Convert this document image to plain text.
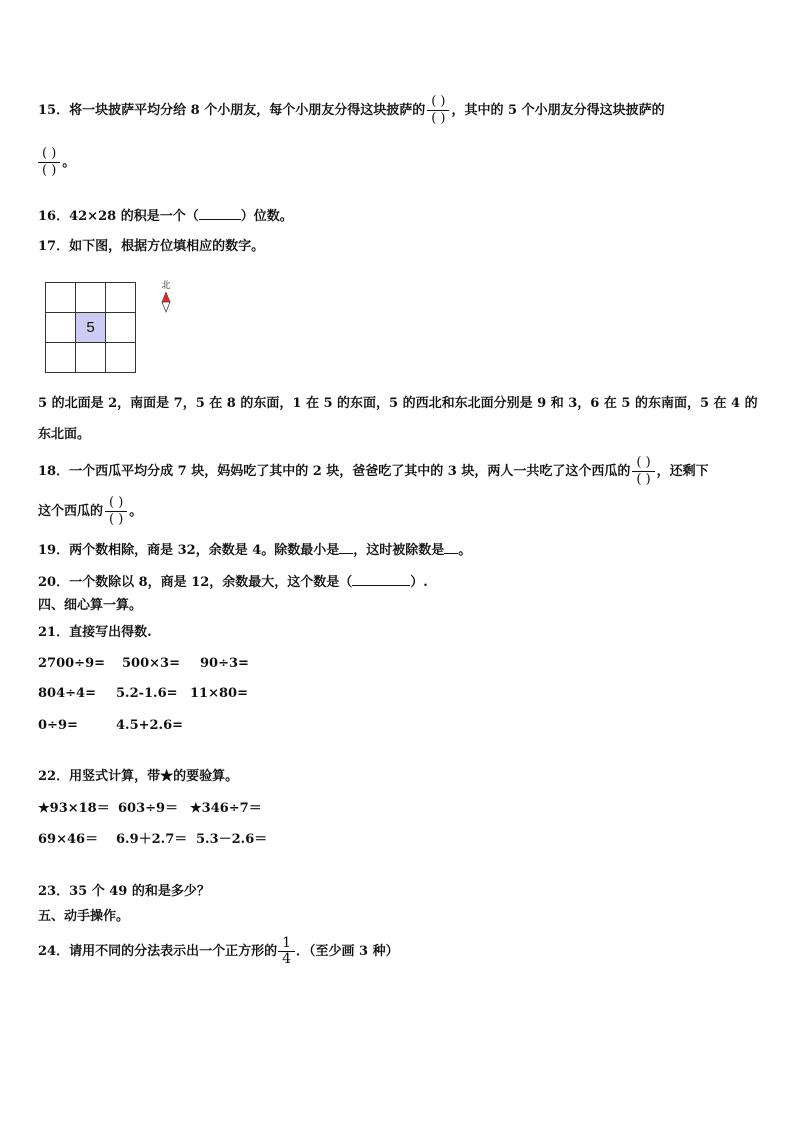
15．将一块披萨平均分给 8 个小朋友，每个小朋友分得这块披萨的 $\frac{( )}{( )}$ ，其中的 5 个小朋友分得这块披萨的
$\frac{( )}{( )}$ 。
16．42×28 的积是一个（	）位数。
17．如下图，根据方位填相应的数字。

	5	

北
5 的北面是 2，南面是 7，5 在 8 的东面，1 在 5 的东面，5 的西北和东北面分别是 9 和 3，6 在 5 的东南面，5 在 4 的
东北面。
18．一个西瓜平均分成 7 块，妈妈吃了其中的 2 块，爸爸吃了其中的 3 块，两人一共吃了这个西瓜的 $\frac{( )}{( )}$ ，还剩下
这个西瓜的 $\frac{( )}{( )}$ 。
19．两个数相除，商是 32，余数是 4。除数最小是 ，这时被除数是 。
20．一个数除以 8，商是 12，余数最大，这个数是（	）.
四、细心算一算。
21．直接写出得数.
2700÷9= 500×3= 90÷3=
804÷4= 5.2-1.6= 11×80=
0÷9=	4.5+2.6=
22．用竖式计算，带★的要验算。
★93×18＝ 603÷9＝ ★346÷7＝
69×46＝ 6.9＋2.7＝ 5.3－2.6＝
23．35 个 49 的和是多少？
五、动手操作。
24．请用不同的分法表示出一个正方形的 $\frac{1}{4}$ ．（至少画 3 种）
